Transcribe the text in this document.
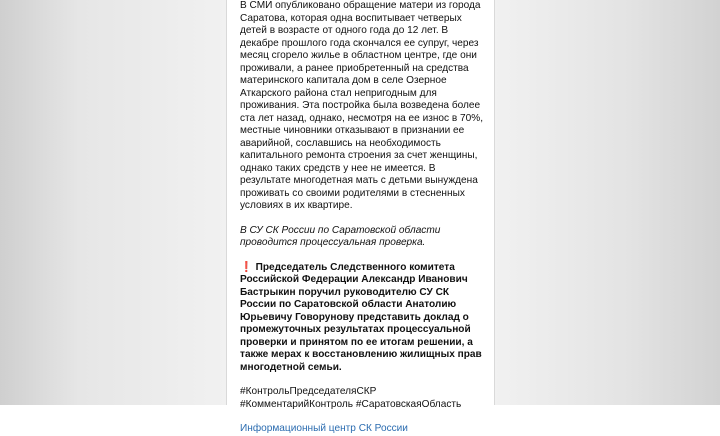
В СМИ опубликовано обращение матери из города Саратова, которая одна воспитывает четверых детей в возрасте от одного года до 12 лет. В декабре прошлого года скончался ее супруг, через месяц сгорело жилье в областном центре, где они проживали, а ранее приобретенный на средства материнского капитала дом в селе Озерное Аткарского района стал непригодным для проживания. Эта постройка была возведена более ста лет назад, однако, несмотря на ее износ в 70%, местные чиновники отказывают в признании ее аварийной, сославшись на необходимость капитального ремонта строения за счет женщины, однако таких средств у нее не имеется. В результате многодетная мать с детьми вынуждена проживать со своими родителями в стесненных условиях в их квартире.

В СУ СК России по Саратовской области проводится процессуальная проверка.

❗ Председатель Следственного комитета Российской Федерации Александр Иванович Бастрыкин поручил руководителю СУ СК России по Саратовской области Анатолию Юрьевичу Говорунову представить доклад о промежуточных результатах процессуальной проверки и принятом по ее итогам решении, а также мерах к восстановлению жилищных прав многодетной семьи.

#КонтрольПредседателяСКР #КомментарийКонтроль #СаратовскаяОбласть

Информационный центр СК России
